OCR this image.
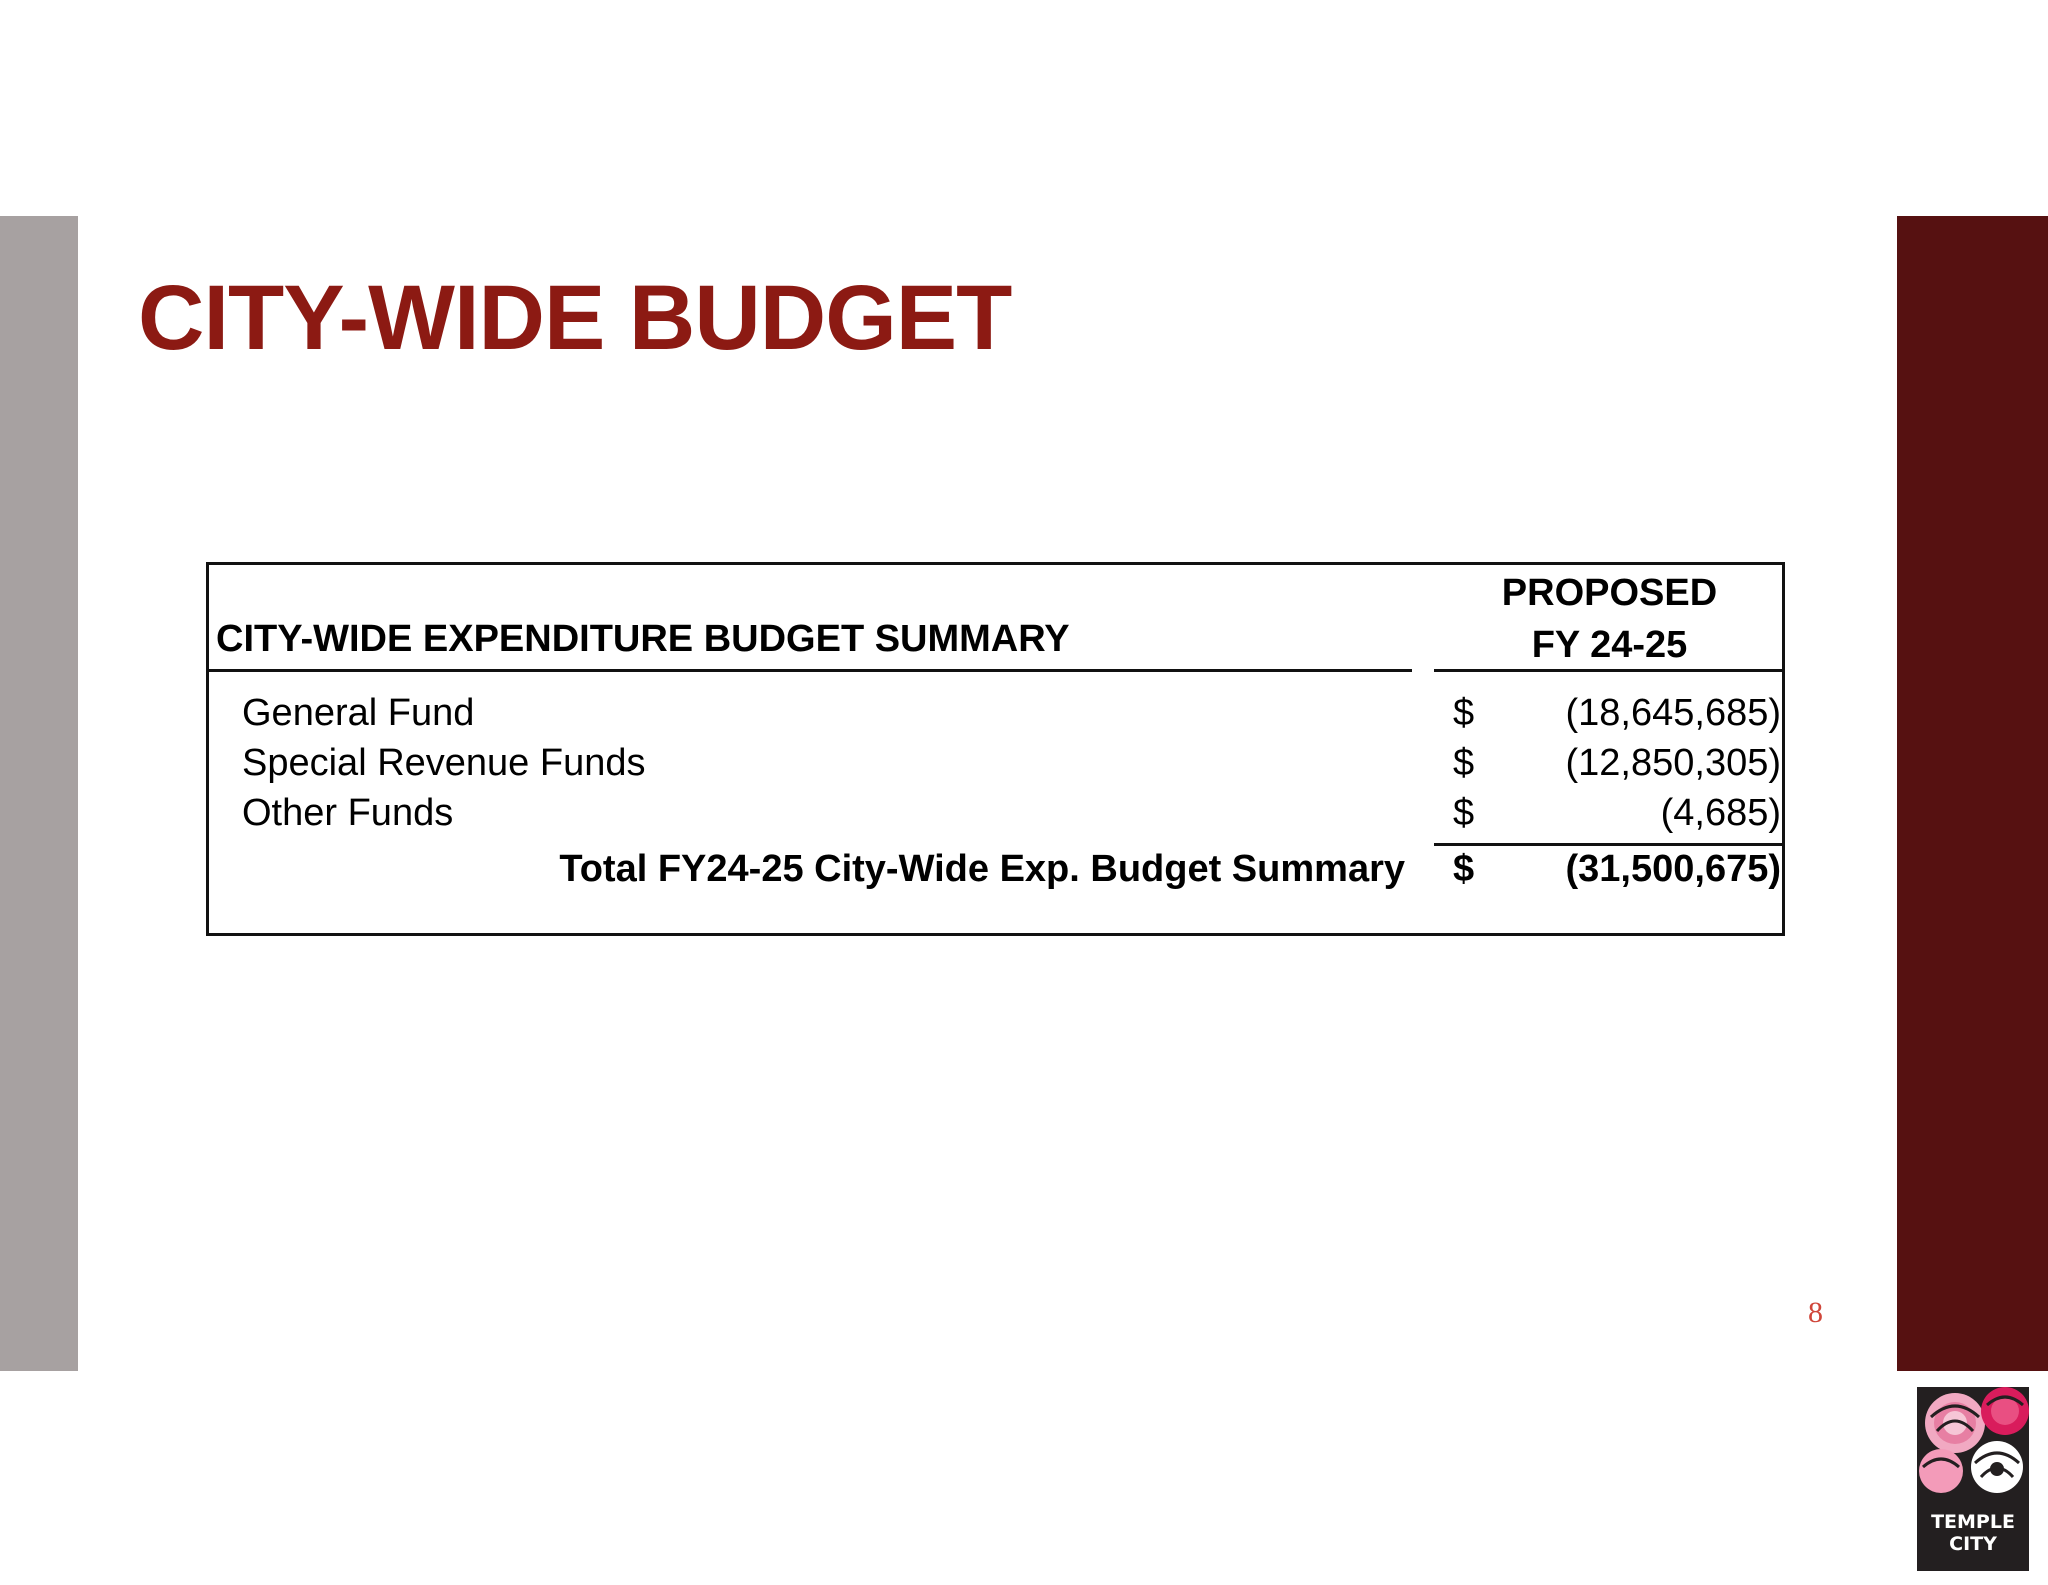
CITY-WIDE BUDGET
CITY-WIDE EXPENDITURE BUDGET SUMMARY
PROPOSED
FY 24-25
General Fund	$ (18,645,685)
Special Revenue Funds	$ (12,850,305)
Other Funds	$	(4,685)
Total FY24-25 City-Wide Exp. Budget Summary $ (31,500,675)
8
TEMPLE
CITY
